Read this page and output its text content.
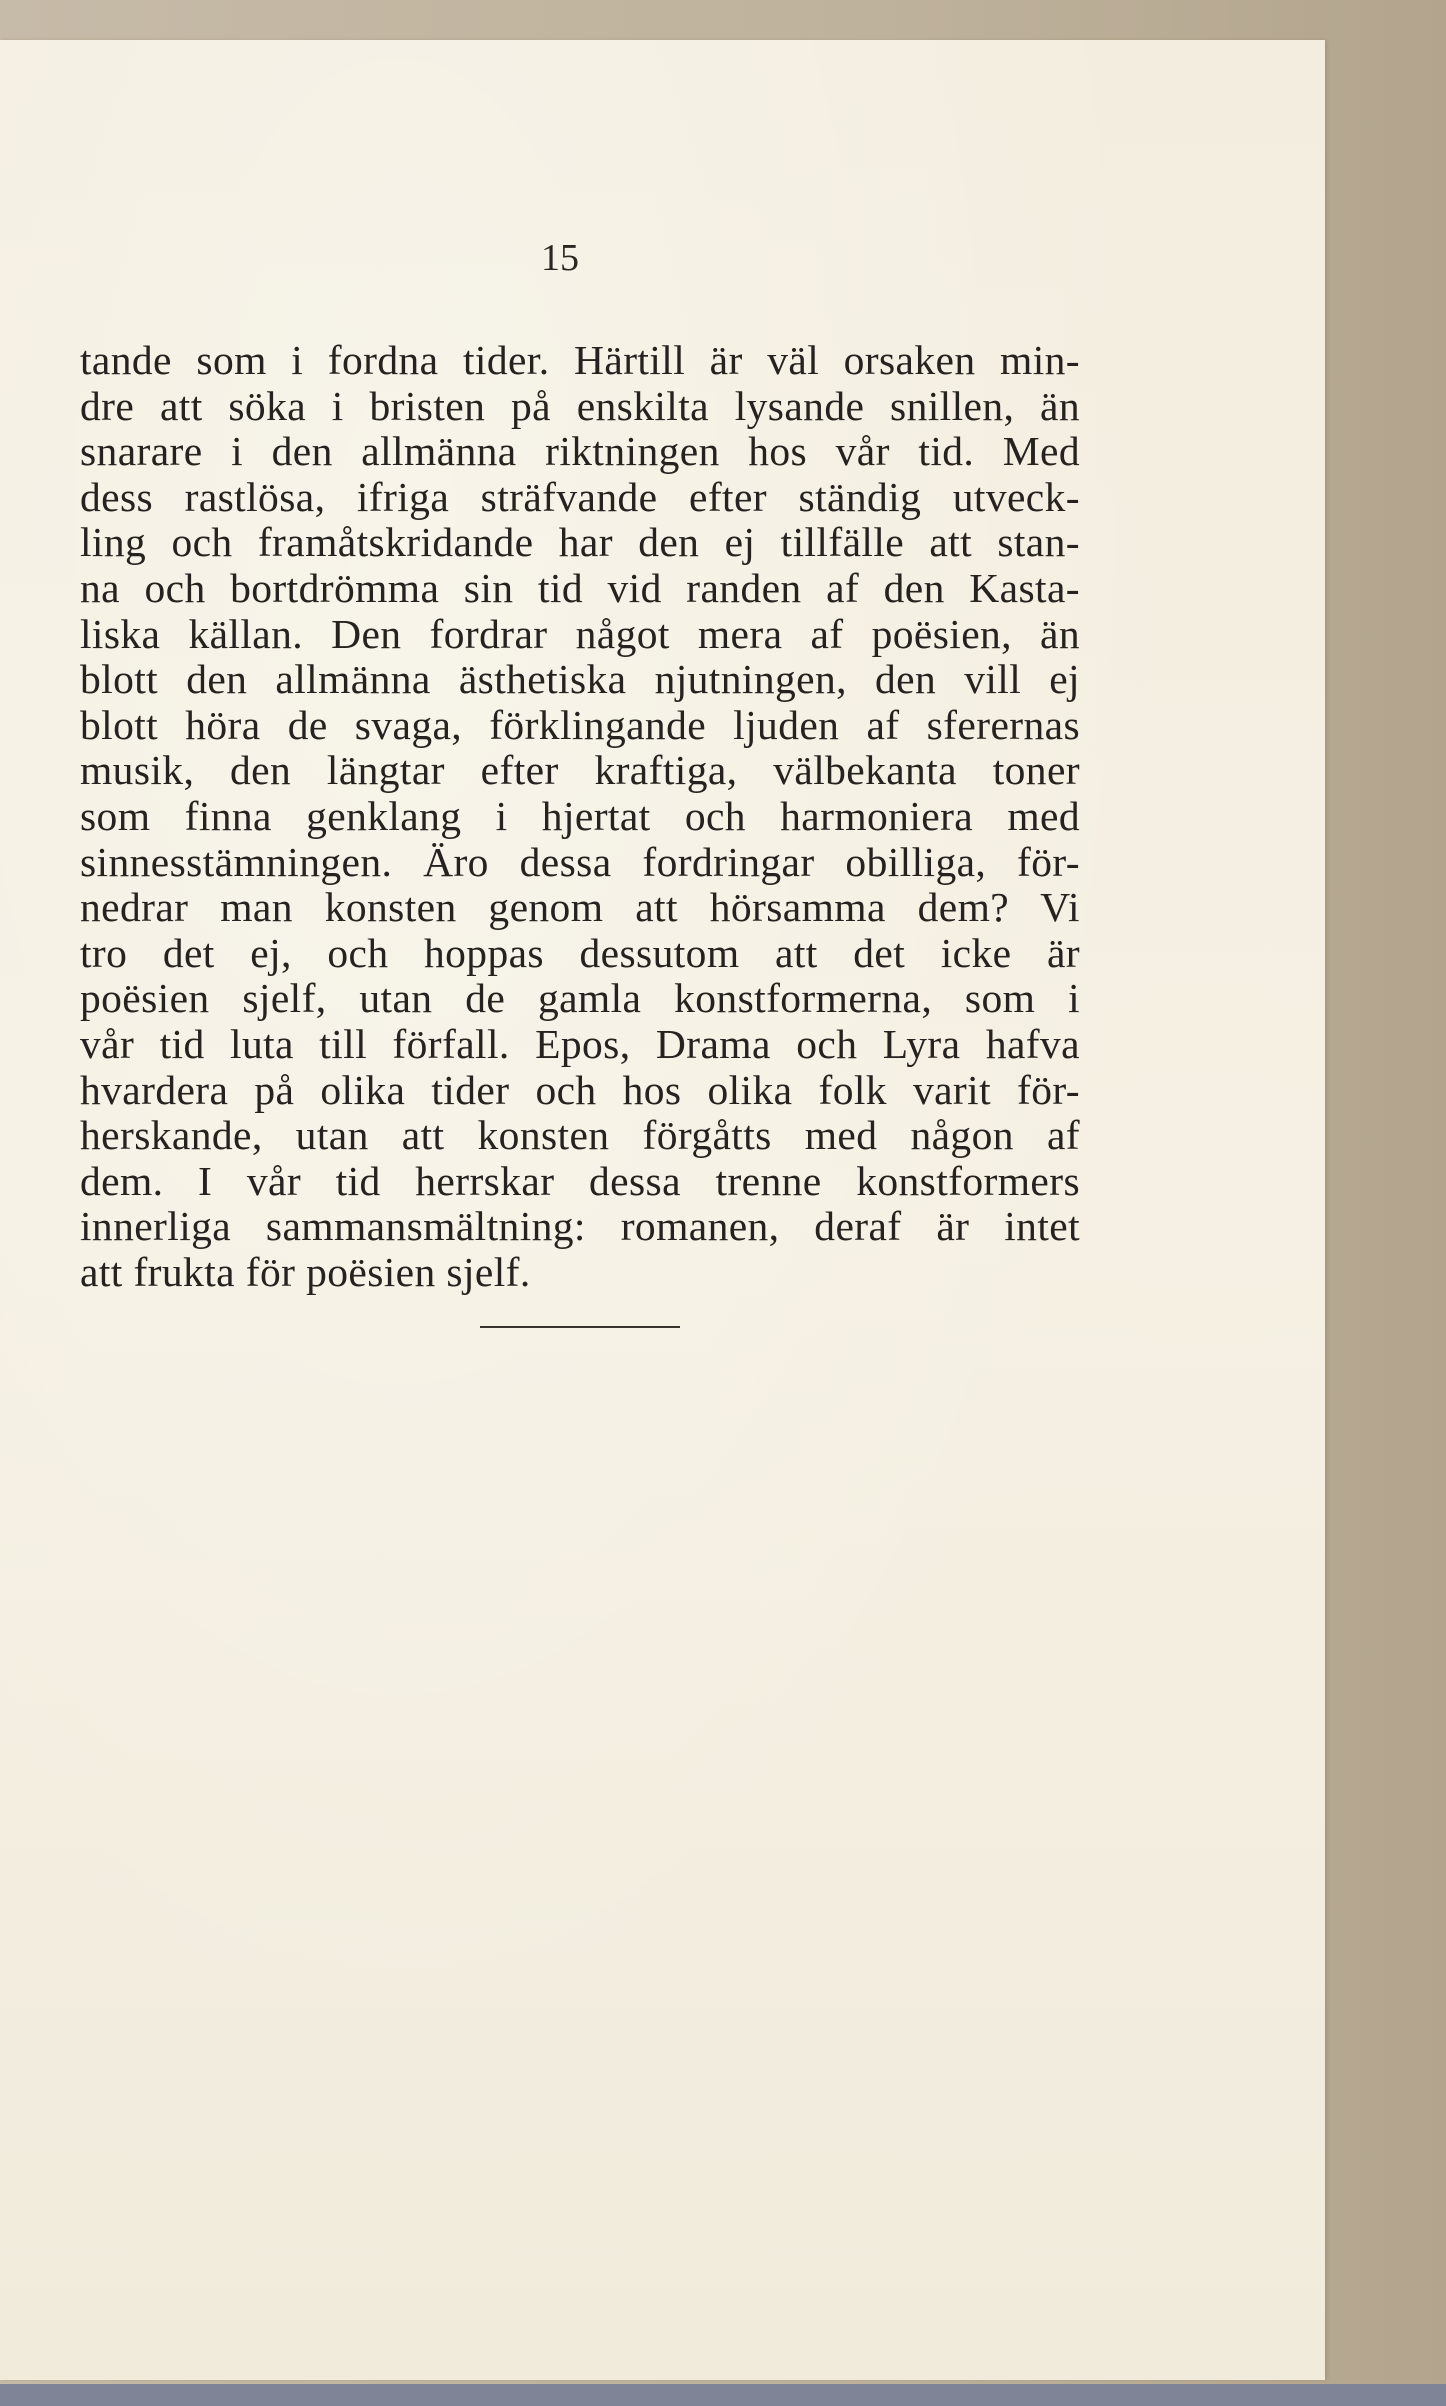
15

tande som i fordna tider. Härtill är väl orsaken min-
dre att söka i bristen på enskilta lysande snillen, än
snarare i den allmänna riktningen hos vår tid. Med
dess rastlösa, ifriga sträfvande efter ständig utveck-
ling och framåtskridande har den ej tillfälle att stan-
na och bortdrömma sin tid vid randen af den Kasta-
liska källan. Den fordrar något mera af poësien, än
blott den allmänna ästhetiska njutningen, den vill ej
blott höra de svaga, förklingande ljuden af sferernas
musik, den längtar efter kraftiga, välbekanta toner
som finna genklang i hjertat och harmoniera med
sinnesstämningen. Äro dessa fordringar obilliga, för-
nedrar man konsten genom att hörsamma dem? Vi
tro det ej, och hoppas dessutom att det icke är
poësien sjelf, utan de gamla konstformerna, som i
vår tid luta till förfall. Epos, Drama och Lyra hafva
hvardera på olika tider och hos olika folk varit för-
herskande, utan att konsten förgåtts med någon af
dem. I vår tid herrskar dessa trenne konstformers
innerliga sammansmältning: romanen, deraf är intet
att frukta för poësien sjelf.
